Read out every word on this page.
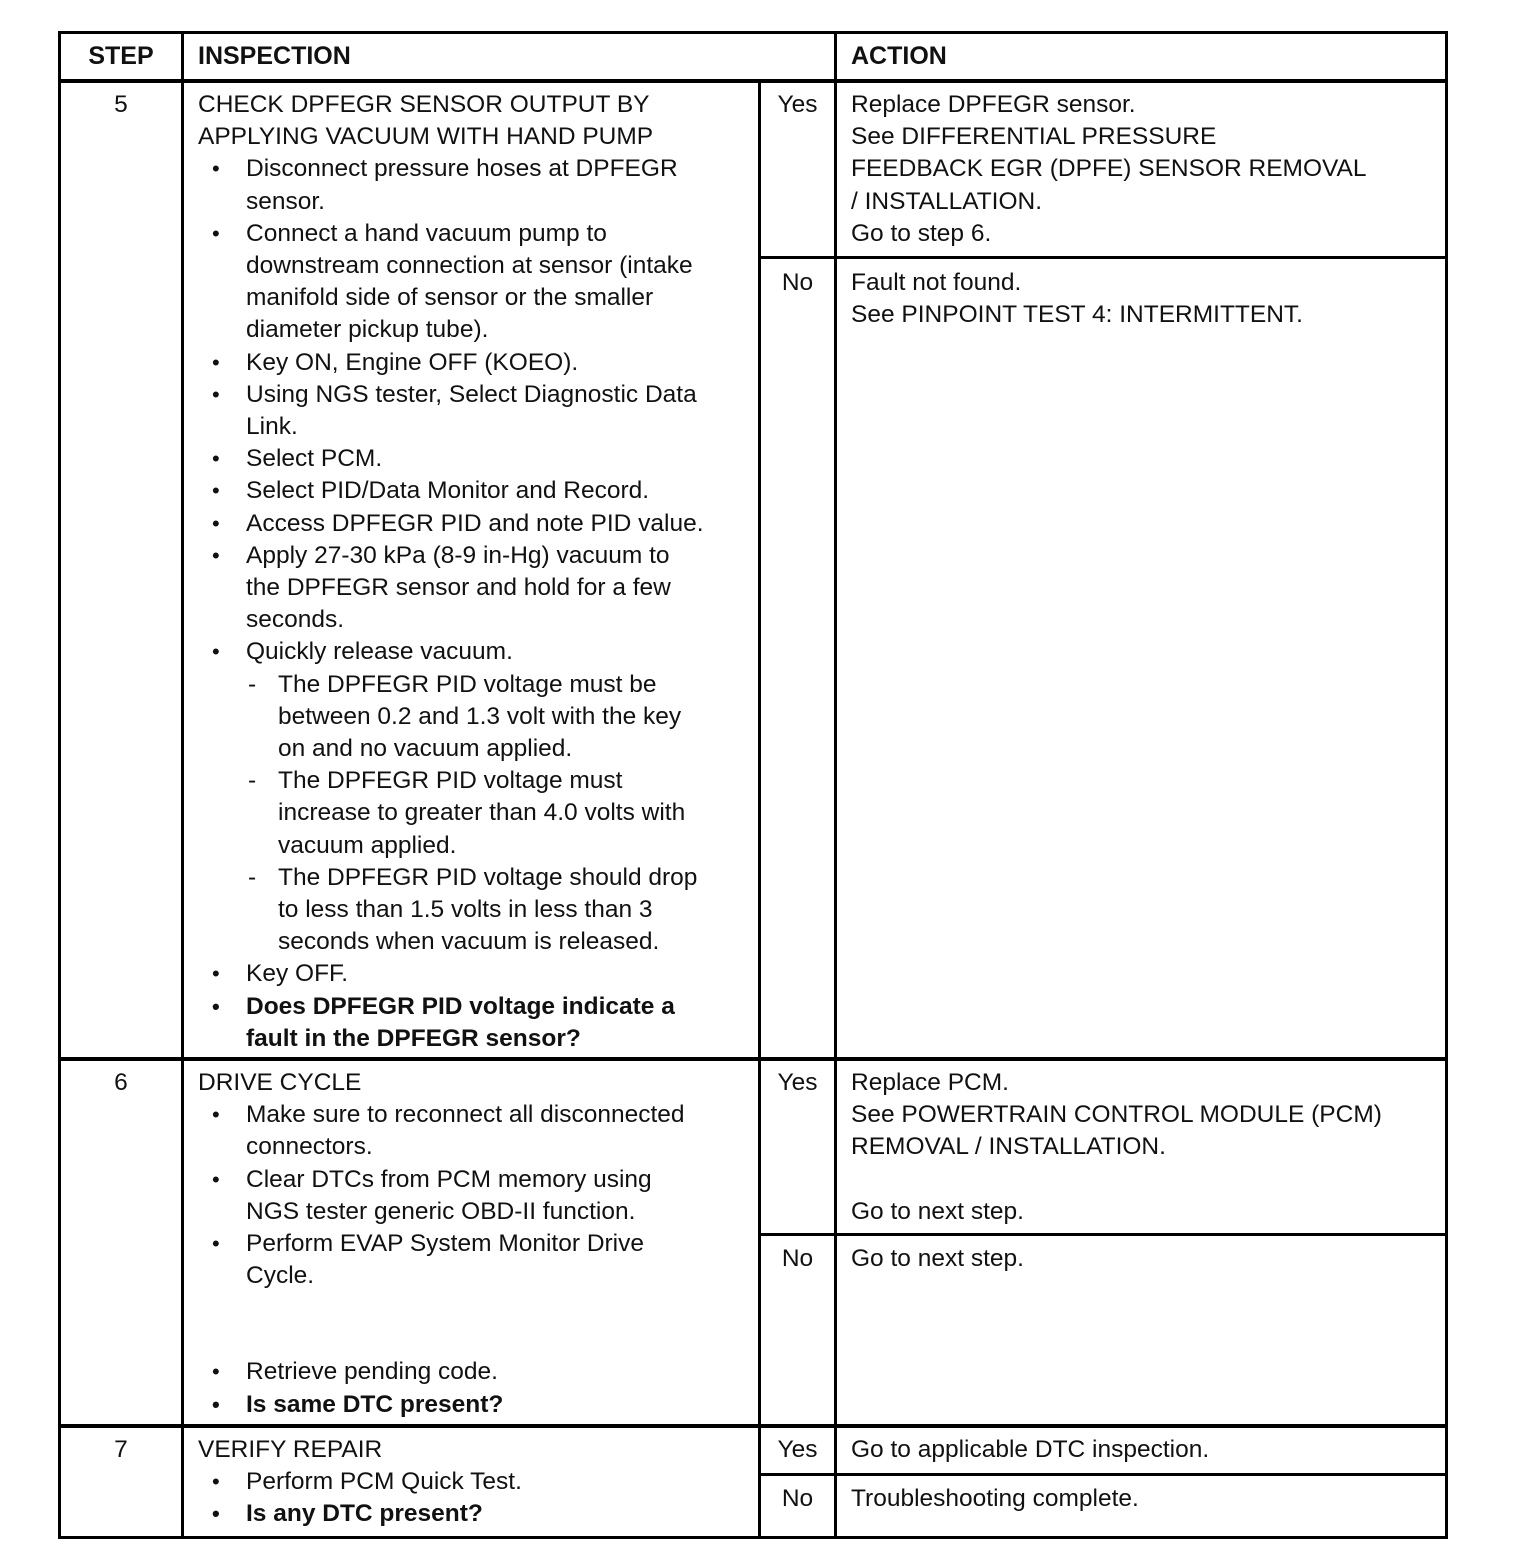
STEP	INSPECTION	ACTION
5
6
7
CHECK DPFEGR SENSOR OUTPUT BY
APPLYING VACUUM WITH HAND PUMP
• Disconnect pressure hoses at DPFEGR
sensor.
• Connect a hand vacuum pump to
downstream connection at sensor (intake
manifold side of sensor or the smaller
diameter pickup tube).
• Key ON, Engine OFF (KOEO).
• Using NGS tester, Select Diagnostic Data
Link.
• Select PCM.
• Select PID/Data Monitor and Record.
• Access DPFEGR PID and note PID value.
• Apply 27-30 kPa (8-9 in-Hg) vacuum to
the DPFEGR sensor and hold for a few
seconds.
• Quickly release vacuum.
- The DPFEGR PID voltage must be
between 0.2 and 1.3 volt with the key
on and no vacuum applied.
- The DPFEGR PID voltage must
increase to greater than 4.0 volts with
vacuum applied.
- The DPFEGR PID voltage should drop
to less than 1.5 volts in less than 3
seconds when vacuum is released.
• Key OFF.
• Does DPFEGR PID voltage indicate a
fault in the DPFEGR sensor?
DRIVE CYCLE
• Make sure to reconnect all disconnected
connectors.
• Clear DTCs from PCM memory using
NGS tester generic OBD-II function.
• Perform EVAP System Monitor Drive
Cycle.
• Retrieve pending code.
• Is same DTC present?
VERIFY REPAIR
• Perform PCM Quick Test.
• Is any DTC present?
Yes
No
Yes
No
Yes
No
Replace DPFEGR sensor.
See DIFFERENTIAL PRESSURE
FEEDBACK EGR (DPFE) SENSOR REMOVAL
/ INSTALLATION.
Go to step 6.
Fault not found.
See PINPOINT TEST 4: INTERMITTENT.
Replace PCM.
See POWERTRAIN CONTROL MODULE (PCM)
REMOVAL / INSTALLATION.

Go to next step.
Go to next step.
Go to applicable DTC inspection.
Troubleshooting complete.
